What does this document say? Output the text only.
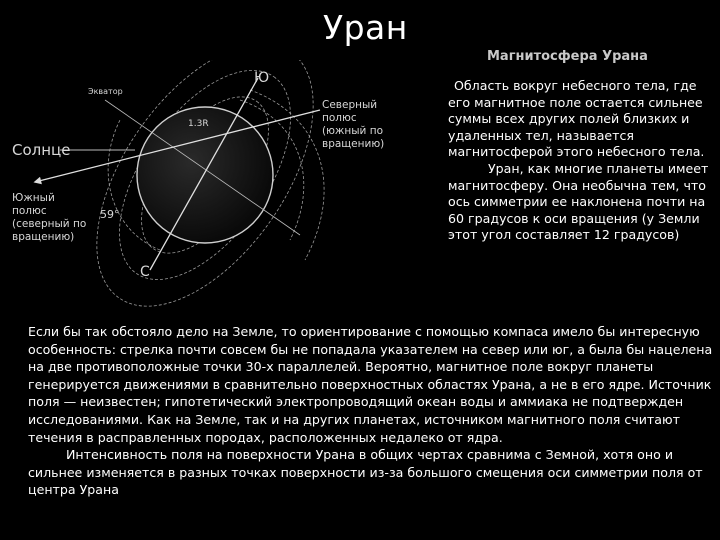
Уран
Магнитосфера Урана
Ю
С
Экватор
1.3R
Солнце
59°
Северный
полюс
(южный по
вращению)
Южный
полюс
(северный по
вращению)

Область вокруг небесного тела, где его магнитное поле остается сильнее суммы всех других полей близких и удаленных тел, называется магнитосферой этого небесного тела.

Уран, как многие планеты имеет магнитосферу. Она необычна тем, что ось симметрии ее наклонена почти на 60 градусов к оси вращения (у Земли этот угол составляет 12 градусов)

Если бы так обстояло дело на Земле, то ориентирование с помощью компаса имело бы интересную особенность: стрелка почти совсем бы не попадала указателем на север или юг, а была бы нацелена на две противоположные точки 30-х параллелей. Вероятно, магнитное поле вокруг планеты генерируется движениями в сравнительно поверхностных областях Урана, а не в его ядре. Источник поля — неизвестен; гипотетический электропроводящий океан воды и аммиака не подтвержден исследованиями. Как на Земле, так и на других планетах, источником магнитного поля считают течения в расправленных породах, расположенных недалеко от ядра.

Интенсивность поля на поверхности Урана в общих чертах сравнима с Земной, хотя оно и сильнее изменяется в разных точках поверхности из-за большого смещения оси симметрии поля от центра Урана
